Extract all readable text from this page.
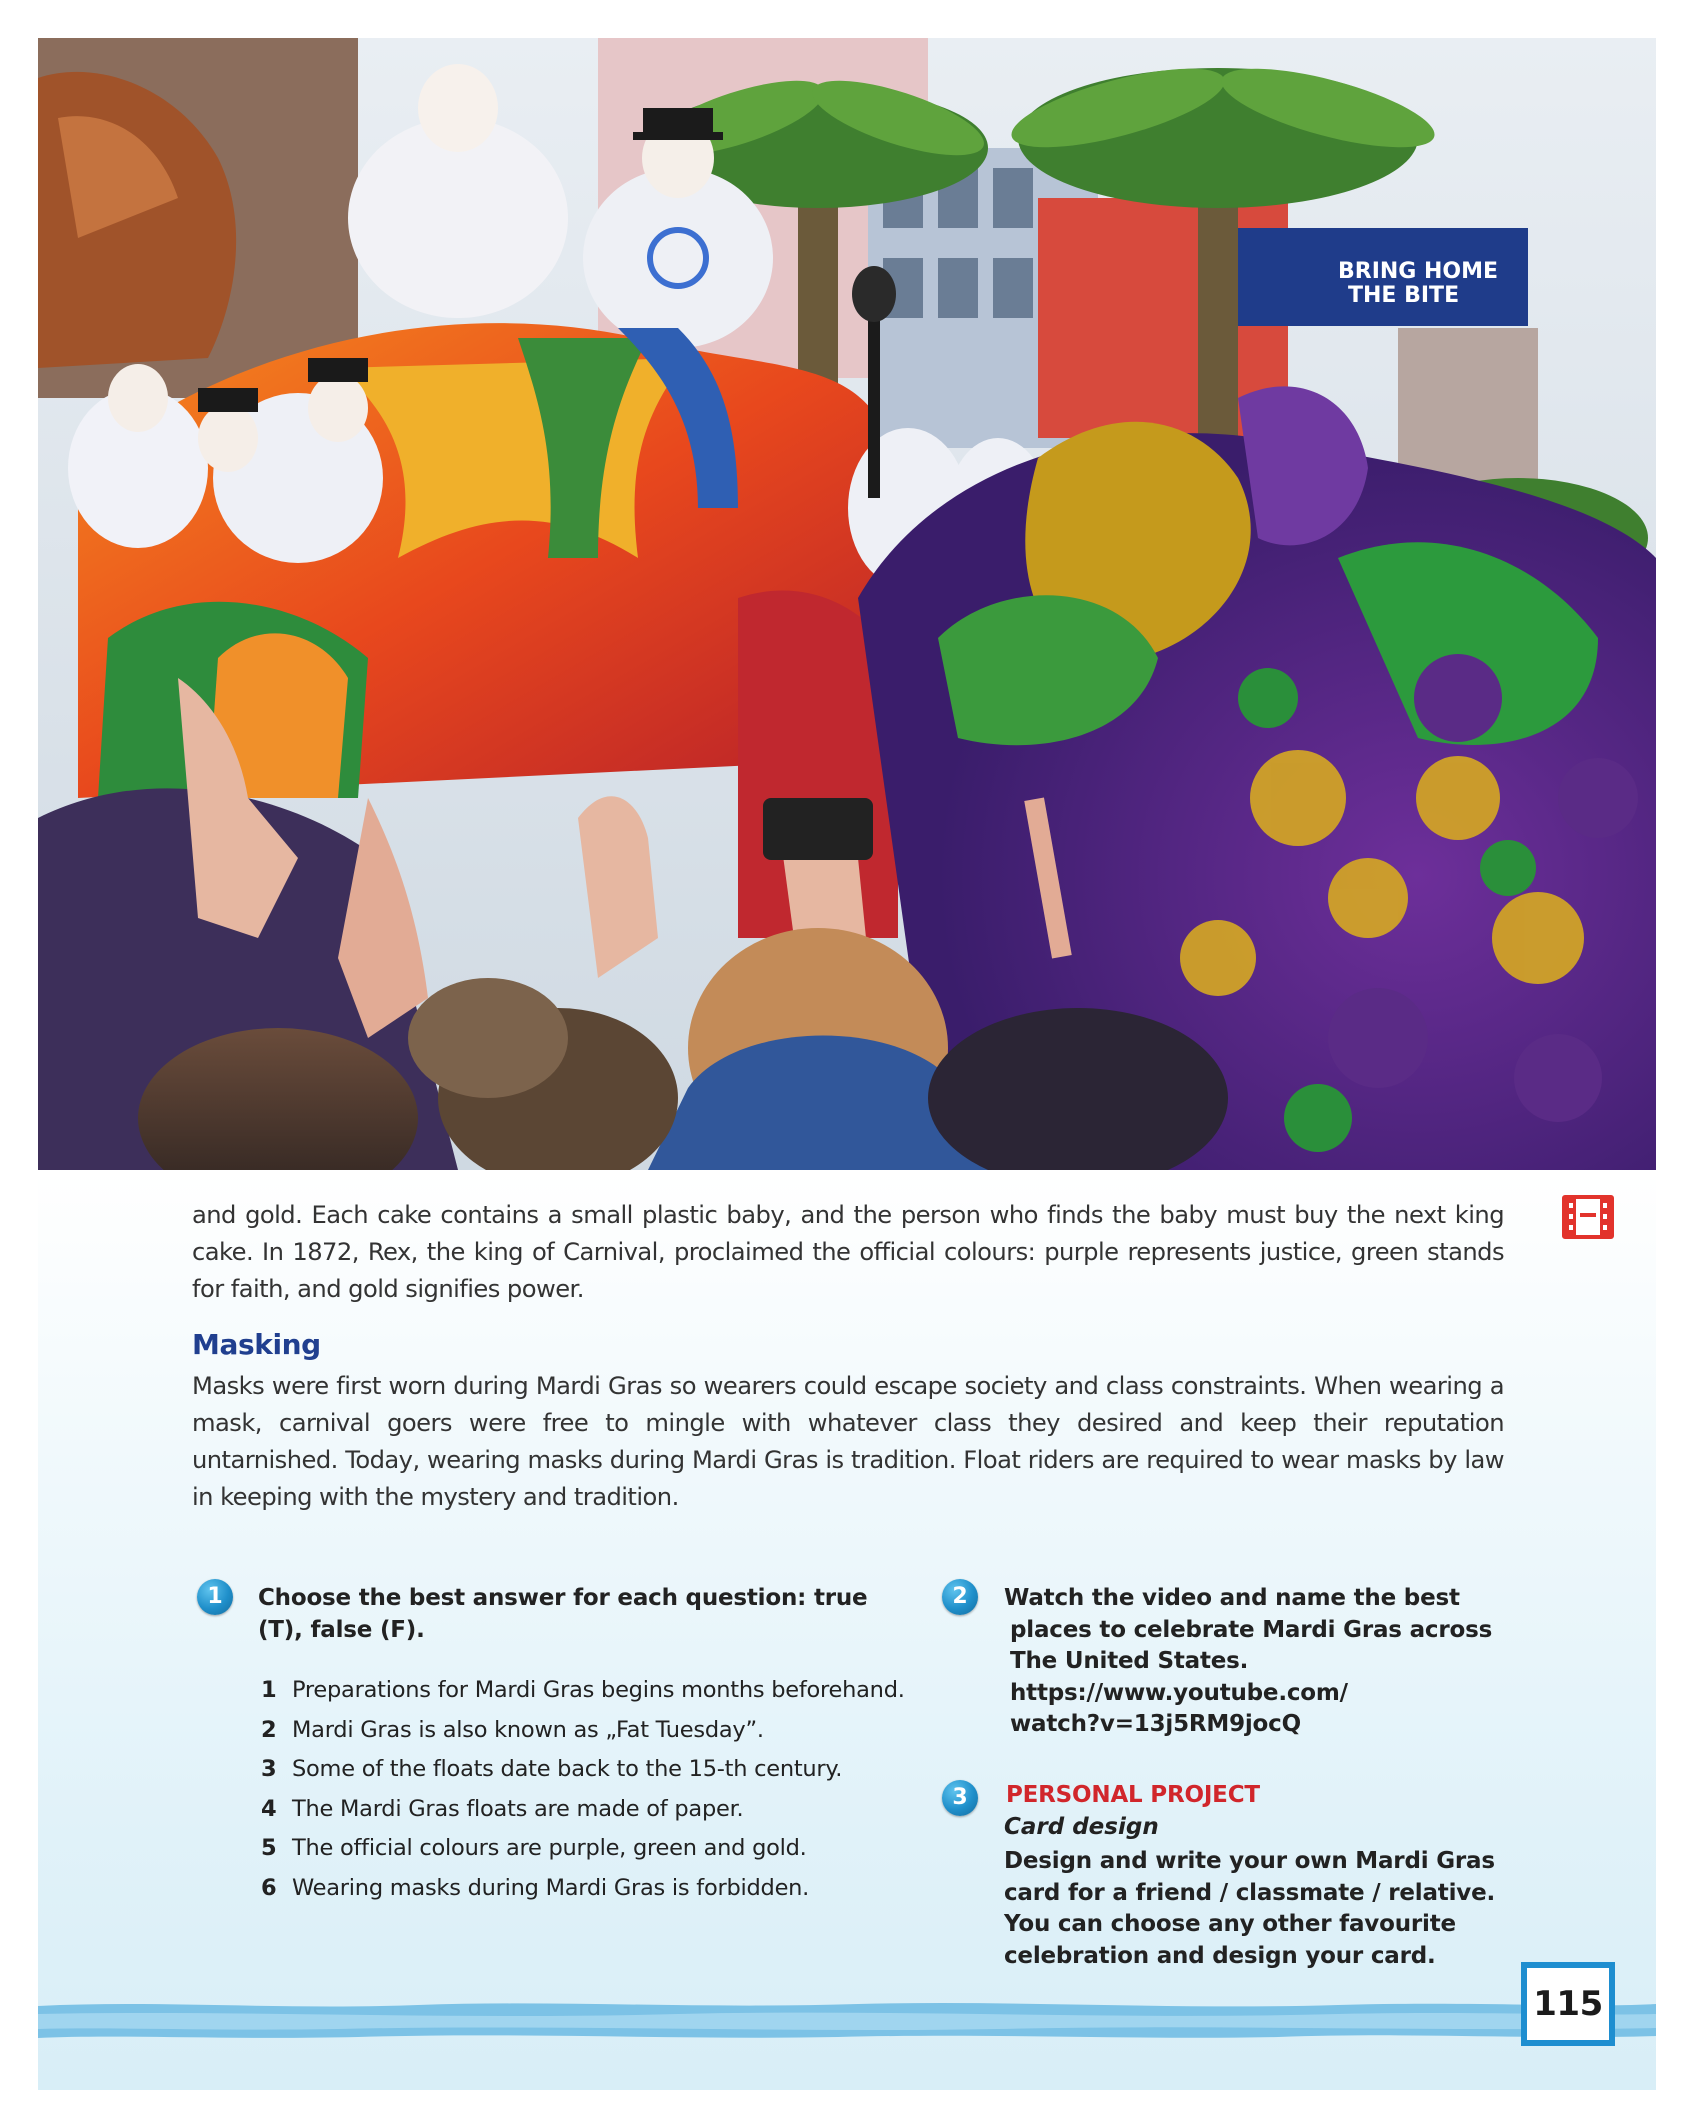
BRING HOME
THE BITE

and gold. Each cake contains a small plastic baby, and the person who finds the baby must buy the next king cake. In 1872, Rex, the king of Carnival, proclaimed the official colours: purple represents justice, green stands for faith, and gold signifies power.

Masking

Masks were first worn during Mardi Gras so wearers could escape society and class constraints. When wearing a mask, carnival goers were free to mingle with whatever class they desired and keep their reputation untarnished. Today, wearing masks during Mardi Gras is tradition. Float riders are required to wear masks by law in keeping with the mystery and tradition.

1	Choose the best answer for each question: true
(T), false (F).
1 Preparations for Mardi Gras begins months beforehand.
2 Mardi Gras is also known as „Fat Tuesday”.
3 Some of the floats date back to the 15-th century.
4 The Mardi Gras floats are made of paper.
5 The official colours are purple, green and gold.
6 Wearing masks during Mardi Gras is forbidden.
2	Watch the video and name the best
places to celebrate Mardi Gras across
The United States.
https://www.youtube.com/
watch?v=13j5RM9jocQ
3	PERSONAL PROJECT
Card design
Design and write your own Mardi Gras
card for a friend / classmate / relative.
You can choose any other favourite
celebration and design your card.
115
